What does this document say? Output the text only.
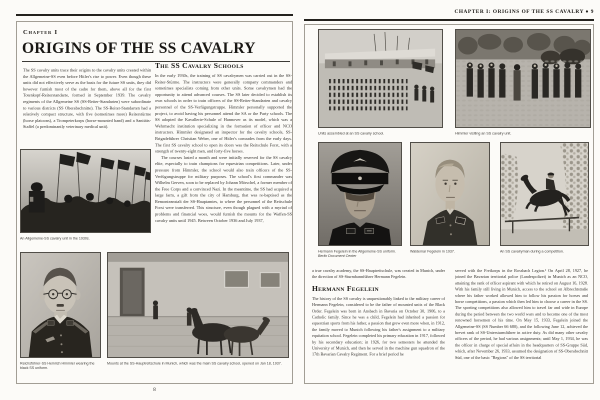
Chapter I
ORIGINS OF THE SS CAVALRY
The SS cavalry units trace their origins to the cavalry units created within the Allgemeine-SS even before Hitler's rise to power. Even though these units did not effectively serve as the basis for the future SS units, they did however furnish most of the cadre for them, above all for the first Totenkopf-Reiterstandarte, formed in September 1939. The cavalry regiments of the Allgemeine SS (SS-Reiter-Standarten) were subordinate to various districts (SS Oberabschnitte). The SS-Reiter-Standarten had a relatively compact structure, with five (sometimes more) Reiterstürme (horse platoons), a Trompeterkorps (horse-mounted band) and a Sanitäts-Staffel (a predominantly veterinary medical unit).
The SS Cavalry Schools
In the early 1930s, the training of SS cavalrymen was carried out in the SS-Reiter-Stürme. The instructors were generally company commanders and sometimes specialists coming from other units. Some cavalrymen had the opportunity to attend advanced courses. The SS later decided to establish its own schools in order to train officers of the SS-Reiter-Standarten and cavalry personnel of the SS-Verfügungstruppe. Himmler personally supported the project, to avoid having his personnel attend the SA or the Party schools. The SS adopted the Kavallerie-Schule of Hannover as its model, which was a Wehrmacht institution specializing in the formation of officer and NCO instructors. Himmler designated an inspector for the cavalry schools, SS-Brigadeführer Christian Weber, one of Hitler's comrades from the early days. The first SS cavalry school to open its doors was the Reitschule Forst, with a strength of twenty-eight men, and forty-five horses.
The courses lasted a month and were initially reserved for the SS cavalry elite, especially to train champions for equestrian competitions. Later, under pressure from Himmler, the school would also train officers of the SS-Verfügungstruppe for military purposes. The school's first commander was Wilhelm Gerven, soon to be replaced by Johann Mörschel, a former member of the Free Corps and a convinced Nazi. In the meantime, the SS had acquired a large farm, a gift from the city of Hamburg, that was re-baptised as the Remonteanstalt der SS-Hauptamtes, to where the personnel of the Reitschule Forst were transferred. This structure, even though plagued with a myriad of problems and financial woes, would furnish the mounts for the Waffen-SS cavalry units until 1945. Between October 1936 and July 1937,
An Allgemeine-SS cavalry unit in the 1930s.
Reichsführer-SS Heinrich Himmler wearing the black SS uniform.
Mounts at the SS-Hauptreitschule in Munich, which was the main SS cavalry school, opened on Jan 18, 1937.
8
CHAPTER I: ORIGINS OF THE SS CAVALRY ♦ 9
Units assembled at an SS cavalry school.	Himmler visiting an SS cavalry unit.
Hermann Fegelein in the Allgemeine-SS uniform. Berlin Document Center
Waldemar Fegelein in 1937.	An SS cavalryman during a competition.
a true cavalry academy, the SS-Hauptreitschule, was created in Munich, under the direction of SS-Sturmbannführer Hermann Fegelein.
Hermann Fegelein
The history of the SS cavalry is unquestionably linked to the military career of Hermann Fegelein, considered to be the father of mounted units of the Black Order. Fegelein was born in Ansbach in Bavaria on October 30, 1906, to a Catholic family. Since he was a child, Fegelein had inherited a passion for equestrian sports from his father, a passion that grew even more when, in 1912, the family moved to Munich following his father's assignment to a military equitation school. Fegelein completed his primary education in 1917, followed by his secondary education; in 1926, for two semesters he attended the University of Munich, and then he served in the machine gun squadron of the 17th Bavarian Cavalry Regiment. For a brief period he
served with the Freikorps in the Rossbach Legion.¹ On April 28, 1927, he joined the Bavarian territorial police (Landespolizei) in Munich as an NCO, attaining the rank of officer aspirant with which he retired on August 16, 1928. With his family still living in Munich, access to the school on Albrechtstraße where his father worked allowed him to follow his passion for horses and horse competitions, a passion which then led him to choose a career in the SS. The sporting competitions also allowed him to travel far and wide in Europe during the period between the two world wars and to become one of the most renowned horsemen of his time. On May 15, 1933, Fegelein joined the Allgemeine-SS (SS Number 66 680), and the following June 12, achieved the brevet rank of SS-Untersturmführer in active duty. As did many other cavalry officers of the period, he had various assignments; until May 1, 1934, he was the officer in charge of special affairs in the headquarters of SS-Gruppe Süd, which, after November 26, 1933, assumed the designation of SS-Oberabschnitt Süd, one of the basic "Regions" of the SS territorial
